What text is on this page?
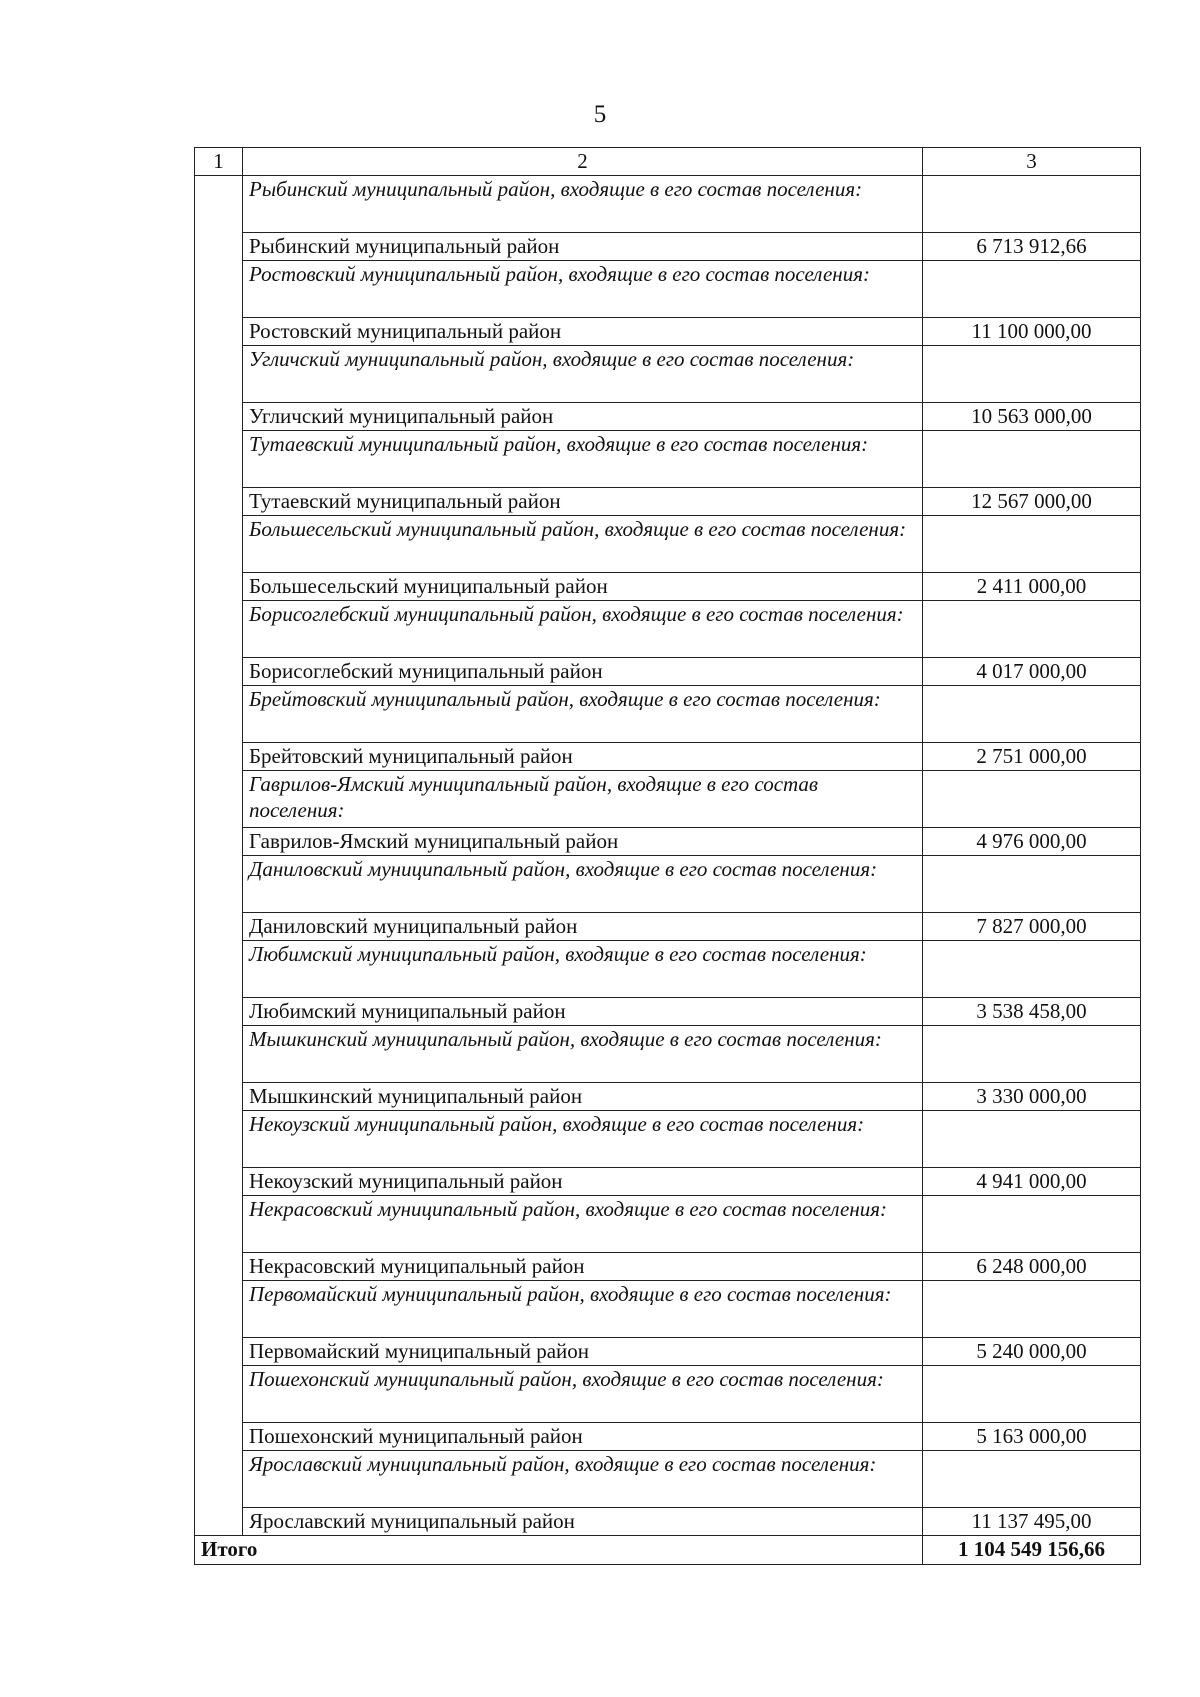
5
1	2	3
	Рыбинский муниципальный район, входящие в его состав поселения:	
	Рыбинский муниципальный район	6 713 912,66
	Ростовский муниципальный район, входящие в его состав поселения:	
	Ростовский муниципальный район	11 100 000,00
	Угличский муниципальный район, входящие в его состав поселения:	
	Угличский муниципальный район	10 563 000,00
	Тутаевский муниципальный район, входящие в его состав поселения:	
	Тутаевский муниципальный район	12 567 000,00
	Большесельский муниципальный район, входящие в его состав поселения:	
	Большесельский муниципальный район	2 411 000,00
	Борисоглебский муниципальный район, входящие в его состав поселения:	
	Борисоглебский муниципальный район	4 017 000,00
	Брейтовский муниципальный район, входящие в его состав поселения:	
	Брейтовский муниципальный район	2 751 000,00
	Гаврилов-Ямский муниципальный район, входящие в его состав поселения:	
	Гаврилов-Ямский муниципальный район	4 976 000,00
	Даниловский муниципальный район, входящие в его состав поселения:	
	Даниловский муниципальный район	7 827 000,00
	Любимский муниципальный район, входящие в его состав поселения:	
	Любимский муниципальный район	3 538 458,00
	Мышкинский муниципальный район, входящие в его состав поселения:	
	Мышкинский муниципальный район	3 330 000,00
	Некоузский муниципальный район, входящие в его состав поселения:	
	Некоузский муниципальный район	4 941 000,00
	Некрасовский муниципальный район, входящие в его состав поселения:	
	Некрасовский муниципальный район	6 248 000,00
	Первомайский муниципальный район, входящие в его состав поселения:	
	Первомайский муниципальный район	5 240 000,00
	Пошехонский муниципальный район, входящие в его состав поселения:	
	Пошехонский муниципальный район	5 163 000,00
	Ярославский муниципальный район, входящие в его состав поселения:	
	Ярославский муниципальный район	11 137 495,00
Итого		1 104 549 156,66
